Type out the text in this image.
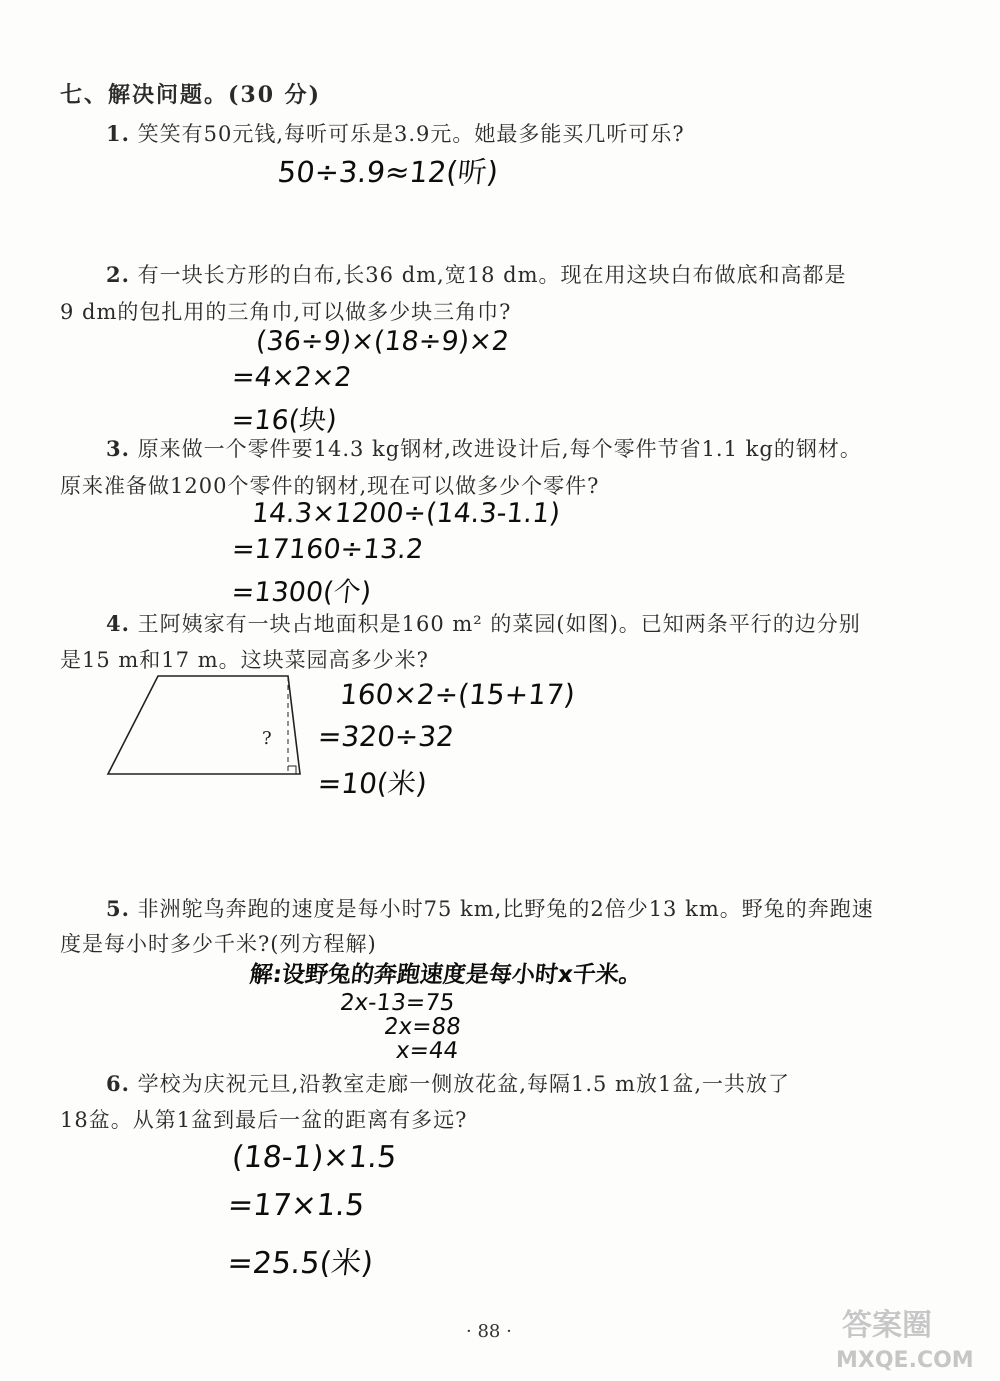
七、解决问题。(30 分)
1. 笑笑有50元钱,每听可乐是3.9元。她最多能买几听可乐?
50÷3.9≈12(听)
2. 有一块长方形的白布,长36 dm,宽18 dm。现在用这块白布做底和高都是
9 dm的包扎用的三角巾,可以做多少块三角巾?
(36÷9)×(18÷9)×2
=4×2×2
=16(块)
3. 原来做一个零件要14.3 kg钢材,改进设计后,每个零件节省1.1 kg的钢材。
原来准备做1200个零件的钢材,现在可以做多少个零件?
14.3×1200÷(14.3-1.1)
=17160÷13.2
=1300(个)
4. 王阿姨家有一块占地面积是160 m² 的菜园(如图)。已知两条平行的边分别
是15 m和17 m。这块菜园高多少米?
?
160×2÷(15+17)
=320÷32
=10(米)
5. 非洲鸵鸟奔跑的速度是每小时75 km,比野兔的2倍少13 km。野兔的奔跑速
度是每小时多少千米?(列方程解)
解:设野兔的奔跑速度是每小时x千米。
2x-13=75
2x=88
x=44
6. 学校为庆祝元旦,沿教室走廊一侧放花盆,每隔1.5 m放1盆,一共放了
18盆。从第1盆到最后一盆的距离有多远?
(18-1)×1.5
=17×1.5
=25.5(米)
· 88 ·	答案圈
MXQE.COM
